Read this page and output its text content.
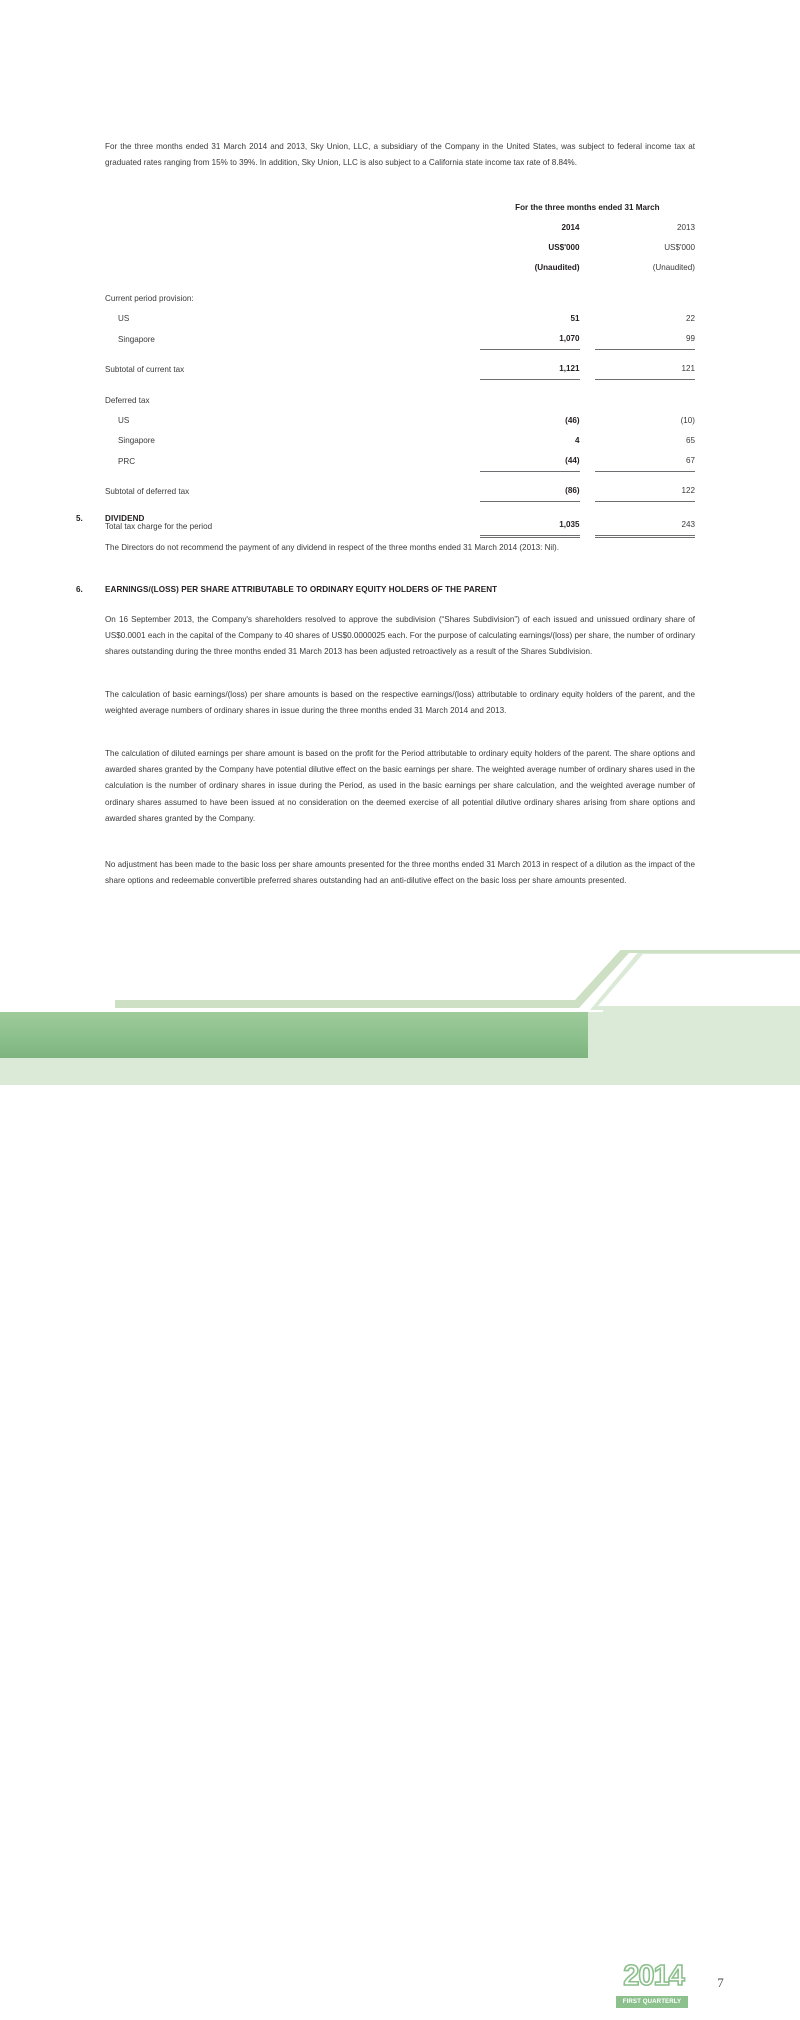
For the three months ended 31 March 2014 and 2013, Sky Union, LLC, a subsidiary of the Company in the United States, was subject to federal income tax at graduated rates ranging from 15% to 39%. In addition, Sky Union, LLC is also subject to a California state income tax rate of 8.84%.
	For the three months ended 31 March		
	2014		2013
	US$'000		US$'000
	(Unaudited)		(Unaudited)

Current period provision:			
US	51		22
Singapore	1,070		99

Subtotal of current tax	1,121		121

Deferred tax			
US	(46)		(10)
Singapore	4		65
PRC	(44)		67

Subtotal of deferred tax	(86)		122

Total tax charge for the period	1,035		243
5.	DIVIDEND
The Directors do not recommend the payment of any dividend in respect of the three months ended 31 March 2014 (2013: Nil).
6.	EARNINGS/(LOSS) PER SHARE ATTRIBUTABLE TO ORDINARY EQUITY HOLDERS OF THE PARENT
On 16 September 2013, the Company's shareholders resolved to approve the subdivision (“Shares Subdivision”) of each issued and unissued ordinary share of US$0.0001 each in the capital of the Company to 40 shares of US$0.0000025 each. For the purpose of calculating earnings/(loss) per share, the number of ordinary shares outstanding during the three months ended 31 March 2013 has been adjusted retroactively as a result of the Shares Subdivision.
The calculation of basic earnings/(loss) per share amounts is based on the respective earnings/(loss) attributable to ordinary equity holders of the parent, and the weighted average numbers of ordinary shares in issue during the three months ended 31 March 2014 and 2013.
The calculation of diluted earnings per share amount is based on the profit for the Period attributable to ordinary equity holders of the parent. The share options and awarded shares granted by the Company have potential dilutive effect on the basic earnings per share. The weighted average number of ordinary shares used in the calculation is the number of ordinary shares in issue during the Period, as used in the basic earnings per share calculation, and the weighted average number of ordinary shares assumed to have been issued at no consideration on the deemed exercise of all potential dilutive ordinary shares arising from share options and awarded shares granted by the Company.
No adjustment has been made to the basic loss per share amounts presented for the three months ended 31 March 2013 in respect of a dilution as the impact of the share options and redeemable convertible preferred shares outstanding had an anti-dilutive effect on the basic loss per share amounts presented.
IGG INC	2014
FIRST QUARTERLY REPORT
7
